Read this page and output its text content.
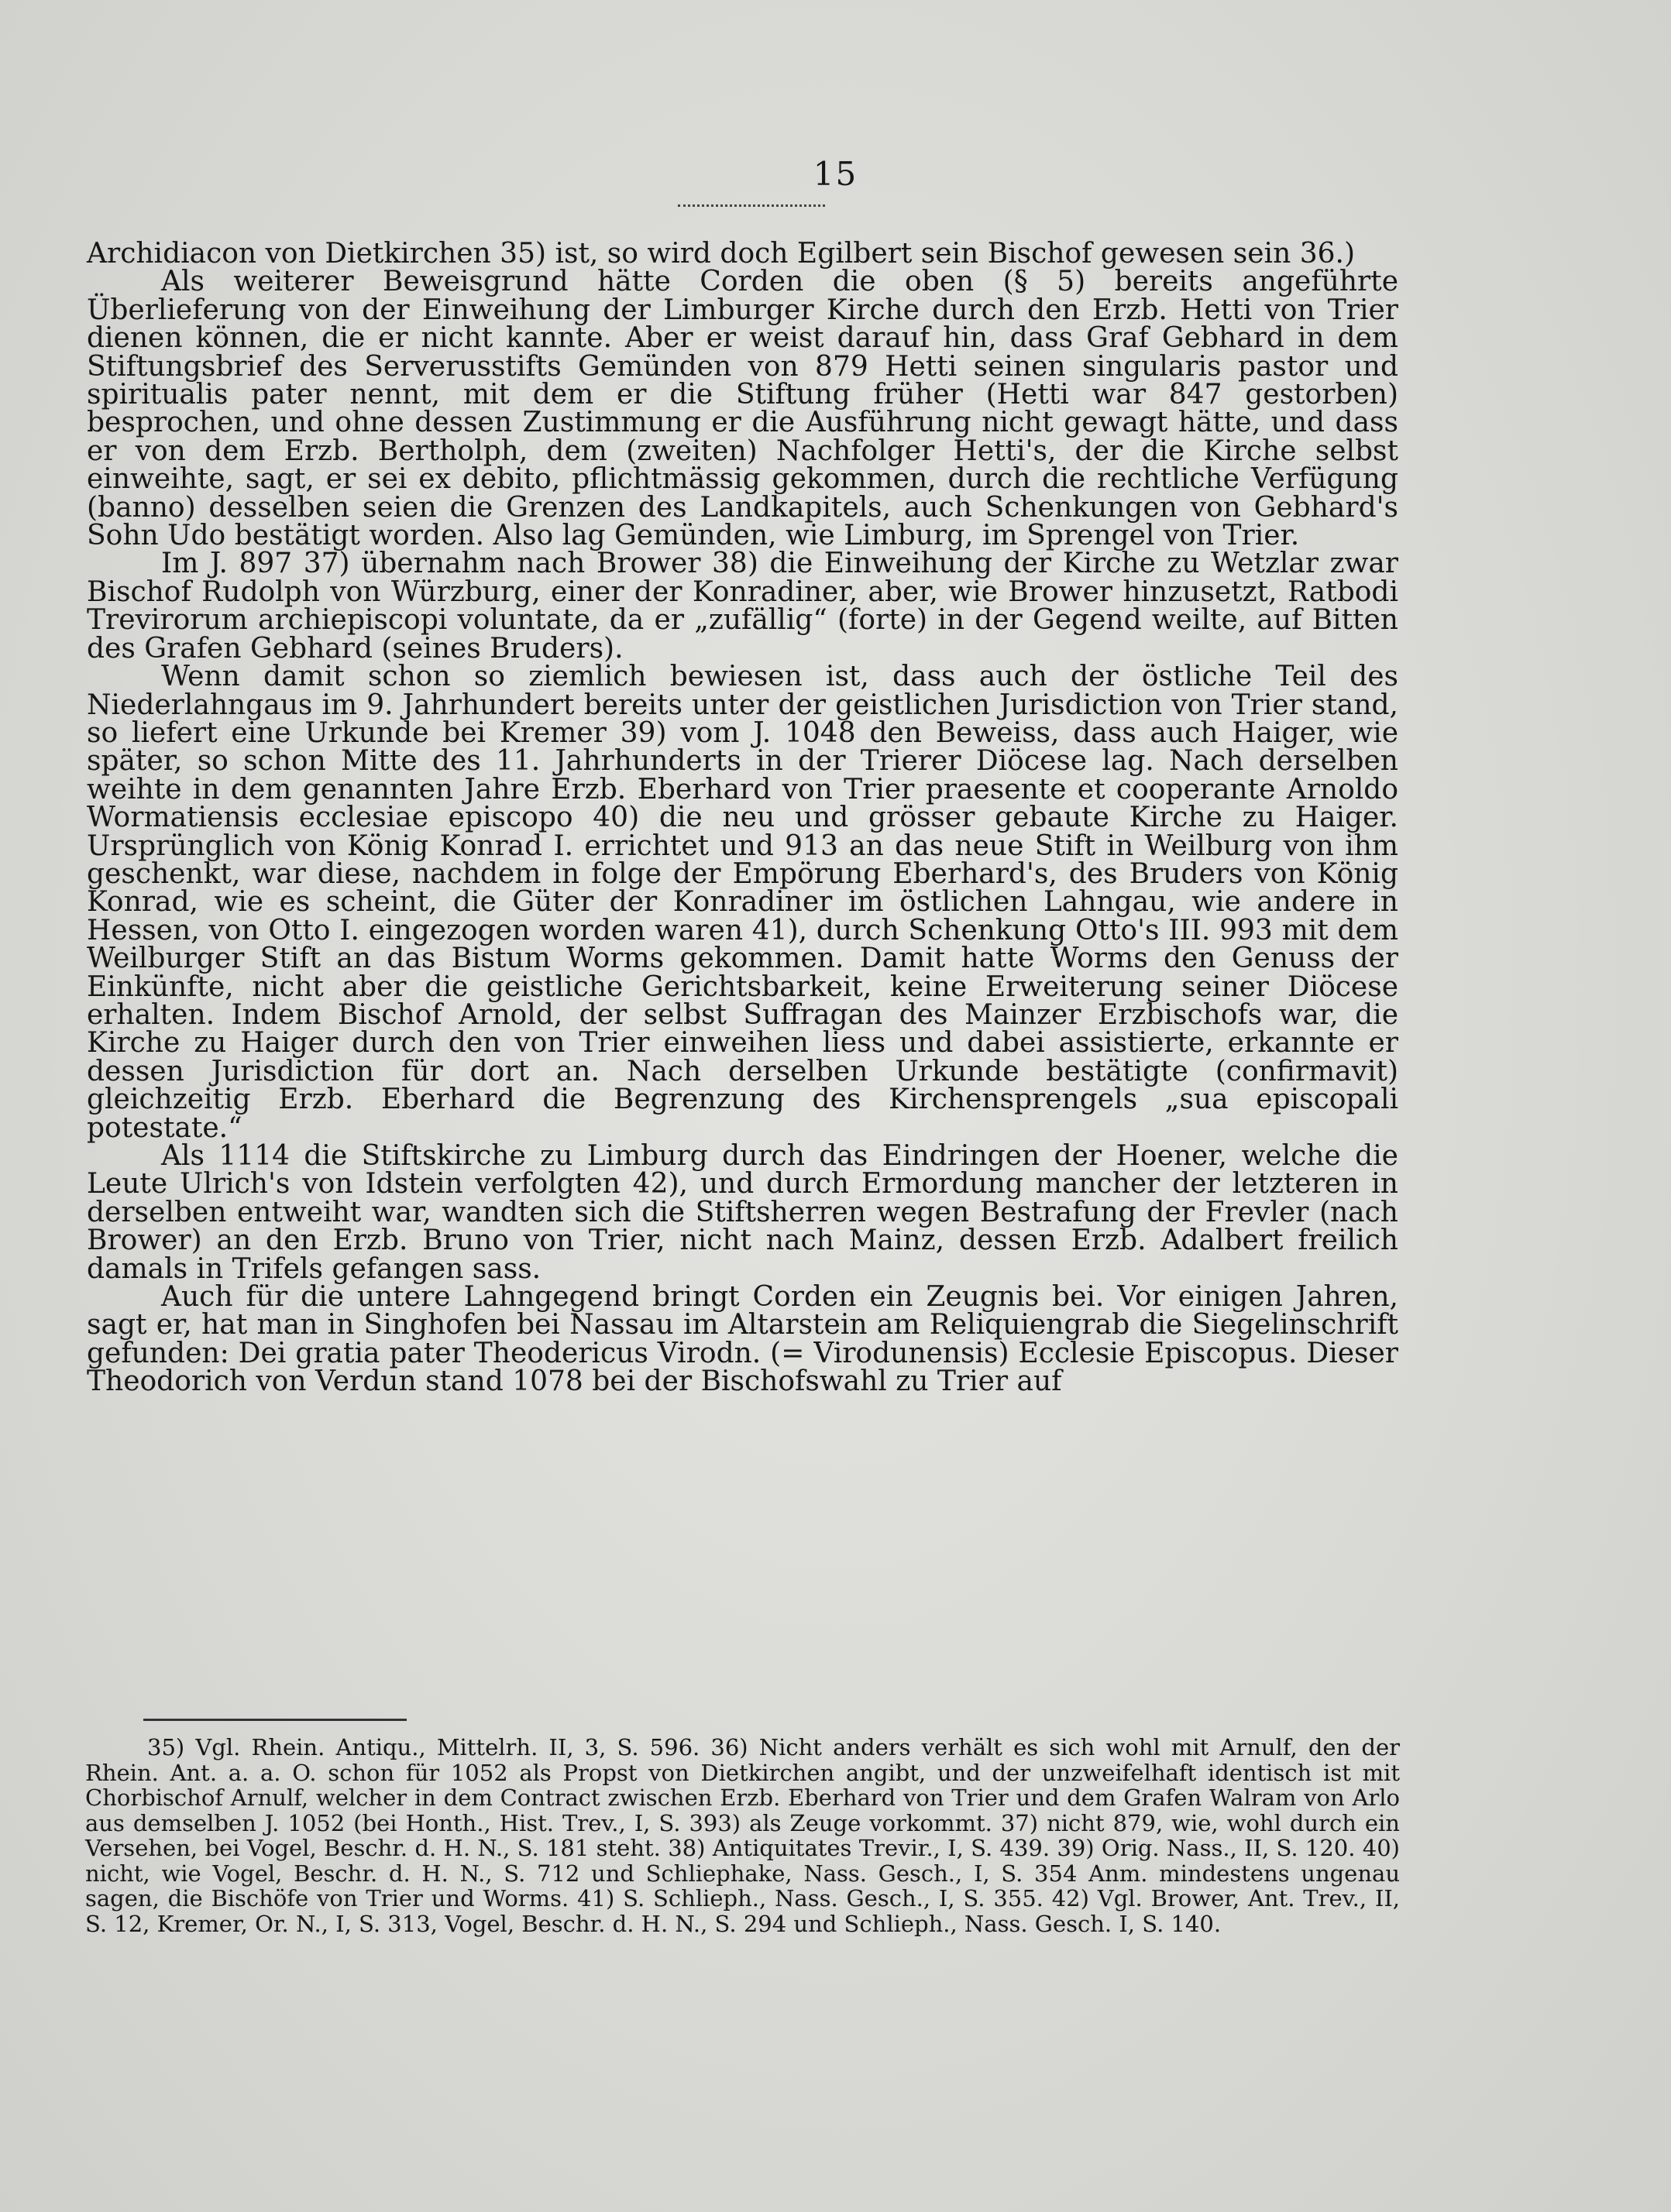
15

Archidiacon von Dietkirchen 35) ist, so wird doch Egilbert sein Bischof gewesen sein 36.)

Als weiterer Beweisgrund hätte Corden die oben (§ 5) bereits angeführte Überlieferung von der Einweihung der Limburger Kirche durch den Erzb. Hetti von Trier dienen können, die er nicht kannte. Aber er weist darauf hin, dass Graf Gebhard in dem Stiftungsbrief des Serverusstifts Gemünden von 879 Hetti seinen singularis pastor und spiritualis pater nennt, mit dem er die Stiftung früher (Hetti war 847 gestorben) besprochen, und ohne dessen Zustimmung er die Ausführung nicht gewagt hätte, und dass er von dem Erzb. Bertholph, dem (zweiten) Nachfolger Hetti's, der die Kirche selbst einweihte, sagt, er sei ex debito, pflichtmässig gekommen, durch die rechtliche Verfügung (banno) desselben seien die Grenzen des Landkapitels, auch Schenkungen von Gebhard's Sohn Udo bestätigt worden. Also lag Gemünden, wie Limburg, im Sprengel von Trier.

Im J. 897 37) übernahm nach Brower 38) die Einweihung der Kirche zu Wetzlar zwar Bischof Rudolph von Würzburg, einer der Konradiner, aber, wie Brower hinzusetzt, Ratbodi Trevirorum archiepiscopi voluntate, da er „zufällig“ (forte) in der Gegend weilte, auf Bitten des Grafen Gebhard (seines Bruders).

Wenn damit schon so ziemlich bewiesen ist, dass auch der östliche Teil des Niederlahngaus im 9. Jahrhundert bereits unter der geistlichen Jurisdiction von Trier stand, so liefert eine Urkunde bei Kremer 39) vom J. 1048 den Beweiss, dass auch Haiger, wie später, so schon Mitte des 11. Jahrhunderts in der Trierer Diöcese lag. Nach derselben weihte in dem genannten Jahre Erzb. Eberhard von Trier praesente et cooperante Arnoldo Wormatiensis ecclesiae episcopo 40) die neu und grösser gebaute Kirche zu Haiger. Ursprünglich von König Konrad I. errichtet und 913 an das neue Stift in Weilburg von ihm geschenkt, war diese, nachdem in folge der Empörung Eberhard's, des Bruders von König Konrad, wie es scheint, die Güter der Konradiner im östlichen Lahngau, wie andere in Hessen, von Otto I. eingezogen worden waren 41), durch Schenkung Otto's III. 993 mit dem Weilburger Stift an das Bistum Worms gekommen. Damit hatte Worms den Genuss der Einkünfte, nicht aber die geistliche Gerichtsbarkeit, keine Erweiterung seiner Diöcese erhalten. Indem Bischof Arnold, der selbst Suffragan des Mainzer Erzbischofs war, die Kirche zu Haiger durch den von Trier einweihen liess und dabei assistierte, erkannte er dessen Jurisdiction für dort an. Nach derselben Urkunde bestätigte (confirmavit) gleichzeitig Erzb. Eberhard die Begrenzung des Kirchensprengels „sua episcopali potestate.“

Als 1114 die Stiftskirche zu Limburg durch das Eindringen der Hoener, welche die Leute Ulrich's von Idstein verfolgten 42), und durch Ermordung mancher der letzteren in derselben entweiht war, wandten sich die Stiftsherren wegen Bestrafung der Frevler (nach Brower) an den Erzb. Bruno von Trier, nicht nach Mainz, dessen Erzb. Adalbert freilich damals in Trifels gefangen sass.

Auch für die untere Lahngegend bringt Corden ein Zeugnis bei. Vor einigen Jahren, sagt er, hat man in Singhofen bei Nassau im Altarstein am Reliquiengrab die Siegelinschrift gefunden: Dei gratia pater Theodericus Virodn. (= Virodunensis) Ecclesie Episcopus. Dieser Theodorich von Verdun stand 1078 bei der Bischofswahl zu Trier auf

35) Vgl. Rhein. Antiqu., Mittelrh. II, 3, S. 596. 36) Nicht anders verhält es sich wohl mit Arnulf, den der Rhein. Ant. a. a. O. schon für 1052 als Propst von Dietkirchen angibt, und der unzweifelhaft identisch ist mit Chorbischof Arnulf, welcher in dem Contract zwischen Erzb. Eberhard von Trier und dem Grafen Walram von Arlo aus demselben J. 1052 (bei Honth., Hist. Trev., I, S. 393) als Zeuge vorkommt. 37) nicht 879, wie, wohl durch ein Versehen, bei Vogel, Beschr. d. H. N., S. 181 steht. 38) Antiquitates Trevir., I, S. 439. 39) Orig. Nass., II, S. 120. 40) nicht, wie Vogel, Beschr. d. H. N., S. 712 und Schliephake, Nass. Gesch., I, S. 354 Anm. mindestens ungenau sagen, die Bischöfe von Trier und Worms. 41) S. Schlieph., Nass. Gesch., I, S. 355. 42) Vgl. Brower, Ant. Trev., II, S. 12, Kremer, Or. N., I, S. 313, Vogel, Beschr. d. H. N., S. 294 und Schlieph., Nass. Gesch. I, S. 140.
